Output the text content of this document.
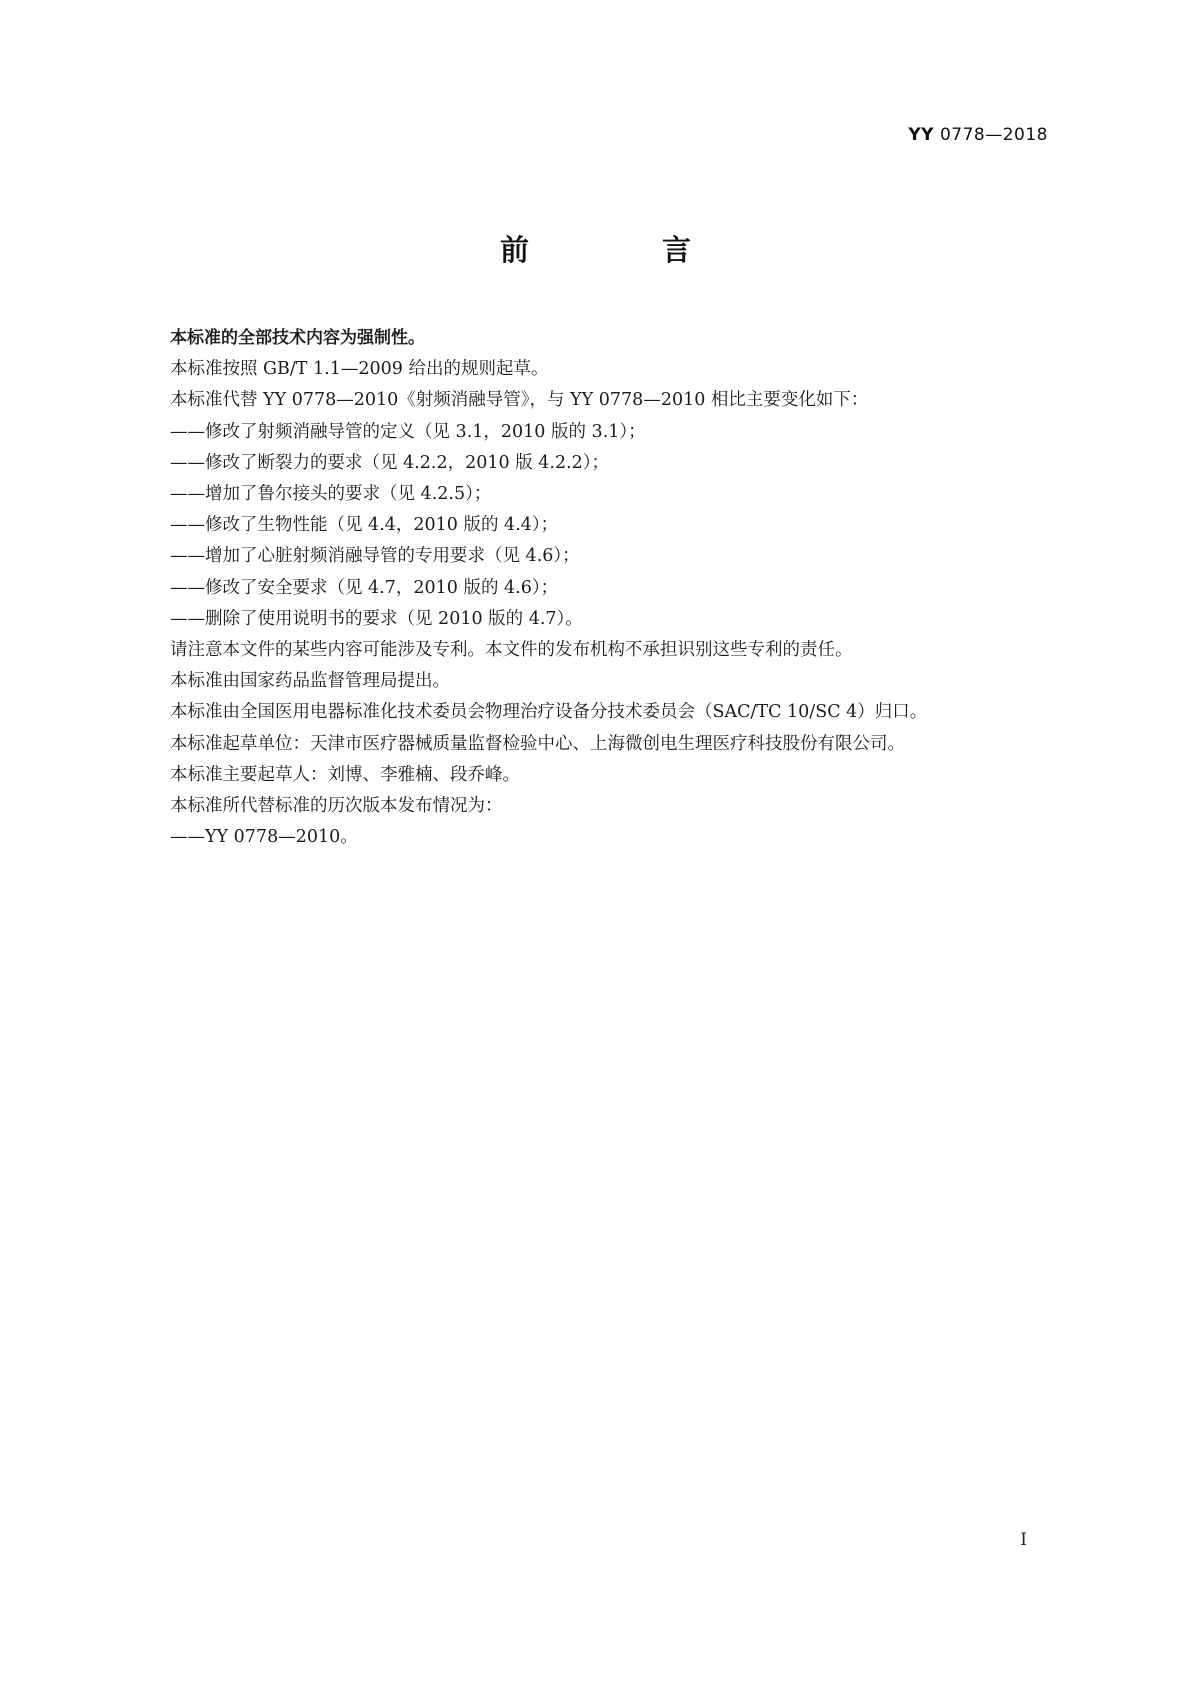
YY 0778—2018
前　言
本标准的全部技术内容为强制性。
本标准按照 GB/T 1.1—2009 给出的规则起草。
本标准代替 YY 0778—2010《射频消融导管》，与 YY 0778—2010 相比主要变化如下：
——修改了射频消融导管的定义（见 3.1，2010 版的 3.1）；
——修改了断裂力的要求（见 4.2.2，2010 版 4.2.2）；
——增加了鲁尔接头的要求（见 4.2.5）；
——修改了生物性能（见 4.4，2010 版的 4.4）；
——增加了心脏射频消融导管的专用要求（见 4.6）；
——修改了安全要求（见 4.7，2010 版的 4.6）；
——删除了使用说明书的要求（见 2010 版的 4.7）。
请注意本文件的某些内容可能涉及专利。本文件的发布机构不承担识别这些专利的责任。
本标准由国家药品监督管理局提出。
本标准由全国医用电器标准化技术委员会物理治疗设备分技术委员会（SAC/TC 10/SC 4）归口。
本标准起草单位：天津市医疗器械质量监督检验中心、上海微创电生理医疗科技股份有限公司。
本标准主要起草人：刘博、李雅楠、段乔峰。
本标准所代替标准的历次版本发布情况为：
——YY 0778—2010。
I
